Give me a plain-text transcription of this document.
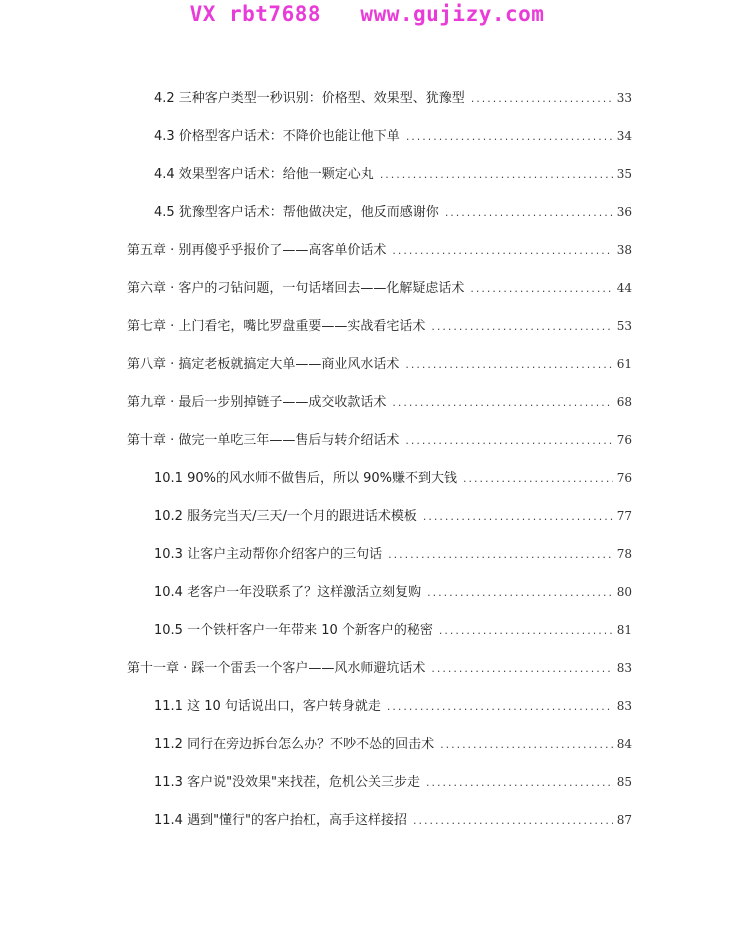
VX rbt7688   www.gujizy.com
4.2 三种客户类型一秒识别：价格型、效果型、犹豫型 .....	33
4.3 价格型客户话术：不降价也能让他下单 .....	34
4.4 效果型客户话术：给他一颗定心丸 .....	35
4.5 犹豫型客户话术：帮他做决定，他反而感谢你 .....	36
第五章 · 别再傻乎乎报价了——高客单价话术 .....	38
第六章 · 客户的刁钻问题，一句话堵回去——化解疑虑话术 .....	44
第七章 · 上门看宅，嘴比罗盘重要——实战看宅话术 .....	53
第八章 · 搞定老板就搞定大单——商业风水话术 .....	61
第九章 · 最后一步别掉链子——成交收款话术 .....	68
第十章 · 做完一单吃三年——售后与转介绍话术 .....	76
10.1 90%的风水师不做售后，所以 90%赚不到大钱 .....	76
10.2 服务完当天/三天/一个月的跟进话术模板 .....	77
10.3 让客户主动帮你介绍客户的三句话 .....	78
10.4 老客户一年没联系了？这样激活立刻复购 .....	80
10.5 一个铁杆客户一年带来 10 个新客户的秘密 .....	81
第十一章 · 踩一个雷丢一个客户——风水师避坑话术 .....	83
11.1 这 10 句话说出口，客户转身就走 .....	83
11.2 同行在旁边拆台怎么办？不吵不怂的回击术 .....	84
11.3 客户说"没效果"来找茬，危机公关三步走 .....	85
11.4 遇到"懂行"的客户抬杠，高手这样接招 .....	87
